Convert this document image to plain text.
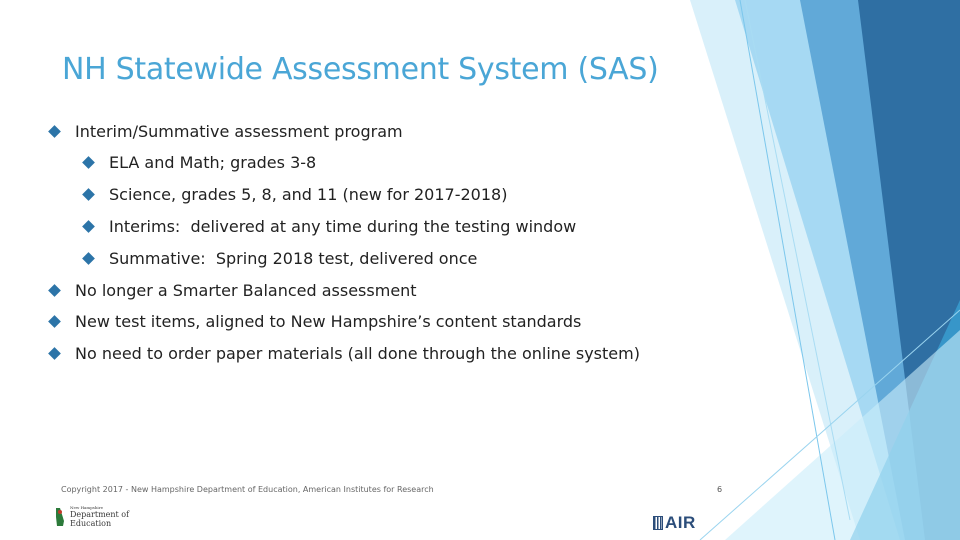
NH Statewide Assessment System (SAS)
Interim/Summative assessment program
ELA and Math; grades 3-8
Science, grades 5, 8, and 11 (new for 2017-2018)
Interims:  delivered at any time during the testing window
Summative:  Spring 2018 test, delivered once
No longer a Smarter Balanced assessment
New test items, aligned to New Hampshire’s content standards
No need to order paper materials (all done through the online system)
Copyright 2017 - New Hampshire Department of Education, American Institutes for Research	6
New Hampshire
Department of
Education	AIR
